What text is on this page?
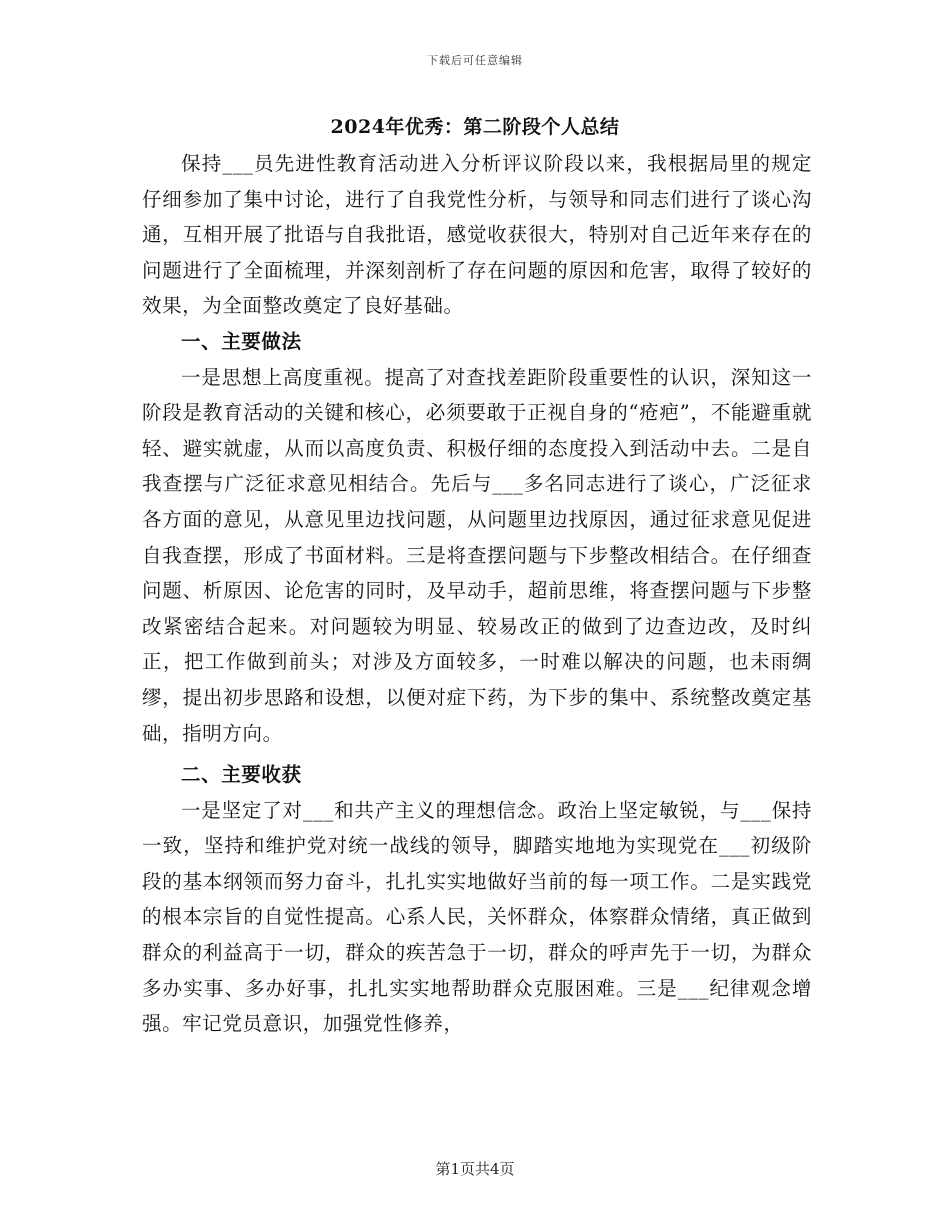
下载后可任意编辑
2024年优秀：第二阶段个人总结

保持___员先进性教育活动进入分析评议阶段以来，我根据局里的规定仔细参加了集中讨论，进行了自我党性分析，与领导和同志们进行了谈心沟通，互相开展了批语与自我批语，感觉收获很大，特别对自己近年来存在的问题进行了全面梳理，并深刻剖析了存在问题的原因和危害，取得了较好的效果，为全面整改奠定了良好基础。

一、主要做法

一是思想上高度重视。提高了对查找差距阶段重要性的认识，深知这一阶段是教育活动的关键和核心，必须要敢于正视自身的“疮疤”，不能避重就轻、避实就虚，从而以高度负责、积极仔细的态度投入到活动中去。二是自我查摆与广泛征求意见相结合。先后与___多名同志进行了谈心，广泛征求各方面的意见，从意见里边找问题，从问题里边找原因，通过征求意见促进自我查摆，形成了书面材料。三是将查摆问题与下步整改相结合。在仔细查问题、析原因、论危害的同时，及早动手，超前思维，将查摆问题与下步整改紧密结合起来。对问题较为明显、较易改正的做到了边查边改，及时纠正，把工作做到前头；对涉及方面较多，一时难以解决的问题，也未雨绸缪，提出初步思路和设想，以便对症下药，为下步的集中、系统整改奠定基础，指明方向。

二、主要收获

一是坚定了对___和共产主义的理想信念。政治上坚定敏锐，与___保持一致，坚持和维护党对统一战线的领导，脚踏实地地为实现党在___初级阶段的基本纲领而努力奋斗，扎扎实实地做好当前的每一项工作。二是实践党的根本宗旨的自觉性提高。心系人民，关怀群众，体察群众情绪，真正做到群众的利益高于一切，群众的疾苦急于一切，群众的呼声先于一切，为群众多办实事、多办好事，扎扎实实地帮助群众克服困难。三是___纪律观念增强。牢记党员意识，加强党性修养，

第1页共4页
